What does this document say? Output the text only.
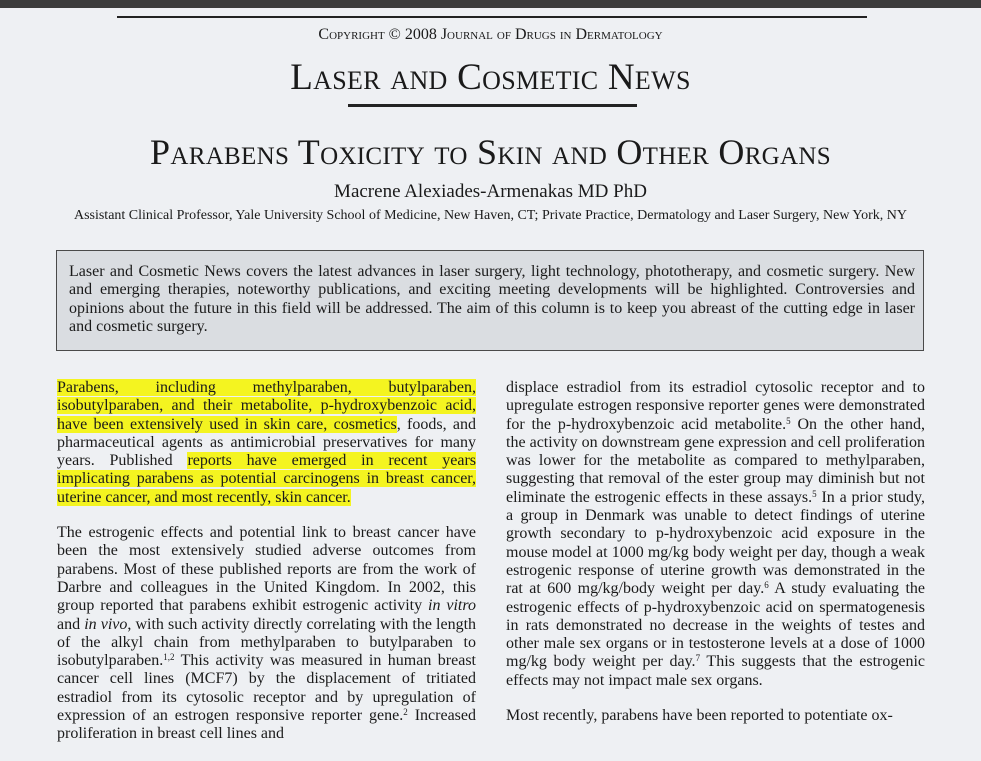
Copyright © 2008 Journal of Drugs in Dermatology
Laser and Cosmetic News
Parabens Toxicity to Skin and Other Organs
Macrene Alexiades-Armenakas MD PhD
Assistant Clinical Professor, Yale University School of Medicine, New Haven, CT; Private Practice, Dermatology and Laser Surgery, New York, NY
Laser and Cosmetic News covers the latest advances in laser surgery, light technology, phototherapy, and cosmetic surgery. New and emerging therapies, noteworthy publications, and exciting meeting developments will be highlighted. Controversies and opinions about the future in this field will be addressed. The aim of this column is to keep you abreast of the cutting edge in laser and cosmetic surgery.

Parabens, including methylparaben, butylparaben, isobutylparaben, and their metabolite, p-hydroxybenzoic acid, have been extensively used in skin care, cosmetics, foods, and pharmaceutical agents as antimicrobial preservatives for many years. Published reports have emerged in recent years implicating parabens as potential carcinogens in breast cancer, uterine cancer, and most recently, skin cancer.

The estrogenic effects and potential link to breast cancer have been the most extensively studied adverse outcomes from parabens. Most of these published reports are from the work of Darbre and colleagues in the United Kingdom. In 2002, this group reported that parabens exhibit estrogenic activity in vitro and in vivo, with such activity directly correlating with the length of the alkyl chain from methylparaben to butylparaben to isobutylparaben.$^{1,2}$ This activity was measured in human breast cancer cell lines (MCF7) by the displacement of tritiated estradiol from its cytosolic receptor and by upregulation of expression of an estrogen responsive reporter gene.$^2$ Increased proliferation in breast cell lines and

displace estradiol from its estradiol cytosolic receptor and to upregulate estrogen responsive reporter genes were demonstrated for the p-hydroxybenzoic acid metabolite.$^5$ On the other hand, the activity on downstream gene expression and cell proliferation was lower for the metabolite as compared to methylparaben, suggesting that removal of the ester group may diminish but not eliminate the estrogenic effects in these assays.$^5$ In a prior study, a group in Denmark was unable to detect findings of uterine growth secondary to p-hydroxybenzoic acid exposure in the mouse model at 1000 mg/kg body weight per day, though a weak estrogenic response of uterine growth was demonstrated in the rat at 600 mg/kg/body weight per day.$^6$ A study evaluating the estrogenic effects of p-hydroxybenzoic acid on spermatogenesis in rats demonstrated no decrease in the weights of testes and other male sex organs or in testosterone levels at a dose of 1000 mg/kg body weight per day.$^7$ This suggests that the estrogenic effects may not impact male sex organs.

Most recently, parabens have been reported to potentiate ox-
